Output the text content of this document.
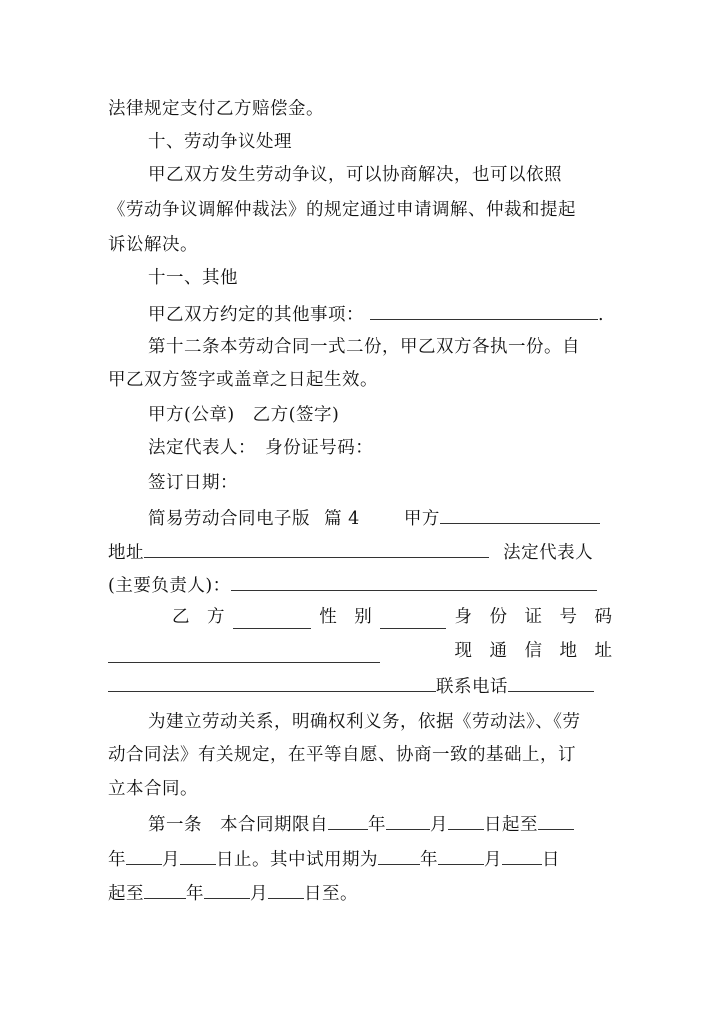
法律规定支付乙方赔偿金。
十、劳动争议处理
甲乙双方发生劳动争议，可以协商解决，也可以依照
《劳动争议调解仲裁法》的规定通过申请调解、仲裁和提起
诉讼解决。
十一、其他
甲乙双方约定的其他事项：	.
第十二条本劳动合同一式二份，甲乙双方各执一份。自
甲乙双方签字或盖章之日起生效。
甲方(公章)　乙方(签字)
法定代表人：　身份证号码：
签订日期：
简易劳动合同电子版 篇 4	甲方
地址	法定代表人
(主要负责人)：
乙　方	性　别	身　份　证　号　码
现　通　信　地　址
联系电话
为建立劳动关系，明确权利义务，依据《劳动法》、《劳
动合同法》有关规定，在平等自愿、协商一致的基础上，订
立本合同。
第一条　本合同期限自 年	月 日起至
年 月 日止。其中试用期为 年	月 日
起至 年	月 日至。
